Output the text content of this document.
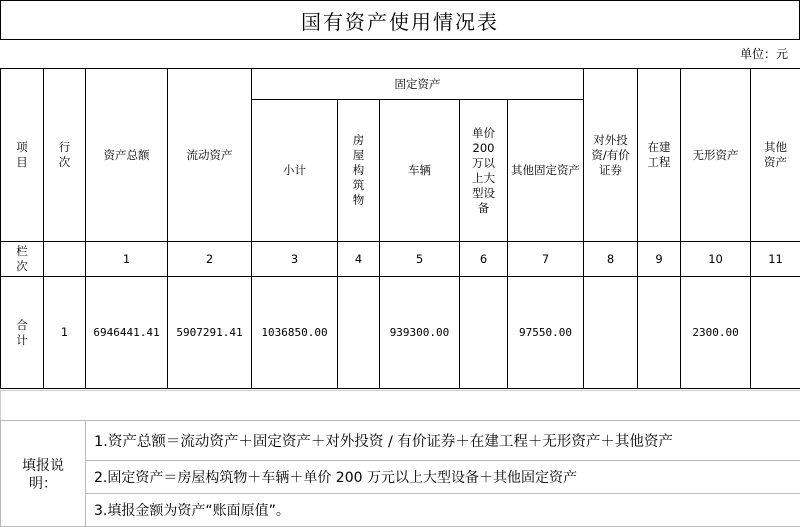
国有资产使用情况表
单位：元
项目	行次	资产总额	流动资产	固定资产					对外投资/有价证券	在建工程	无形资产	其他资产

				小计	房屋构筑物	车辆	单价200万以上大型设备	其他固定资产				

栏次		1	2	3	4	5	6	7	8	9	10	11

合计	1	6946441.41	5907291.41	1036850.00		939300.00		97550.00			2300.00	
填报说明：
	1.资产总额＝流动资产＋固定资产＋对外投资 / 有价证券＋在建工程＋无形资产＋其他资产
2.固定资产＝房屋构筑物＋车辆＋单价 200 万元以上大型设备＋其他固定资产
3.填报金额为资产“账面原值”。
